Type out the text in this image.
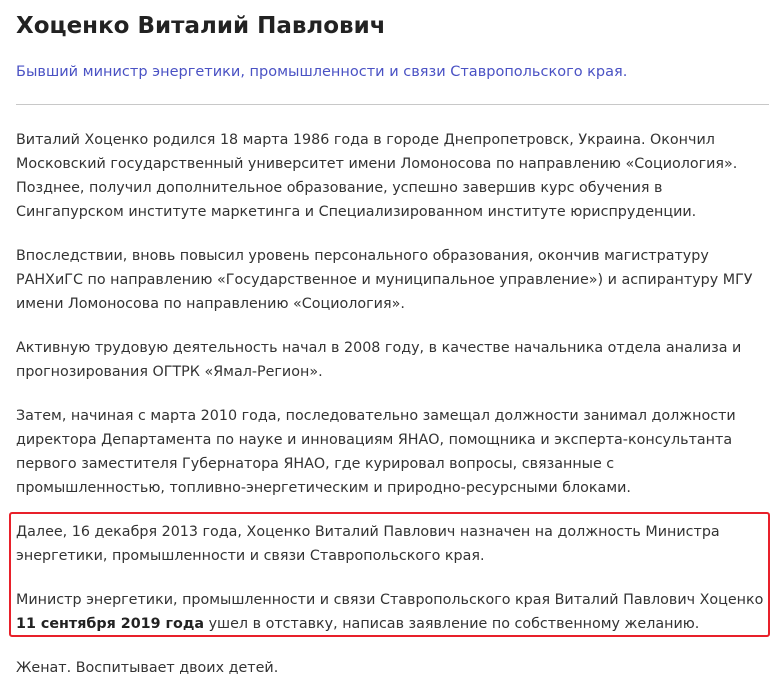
Хоценко Виталий Павлович
Бывший министр энергетики, промышленности и связи Ставропольского края.

Виталий Хоценко родился 18 марта 1986 года в городе Днепропетровск, Украина. Окончил Московский государственный университет имени Ломоносова по направлению «Социология». Позднее, получил дополнительное образование, успешно завершив курс обучения в Сингапурском институте маркетинга и Специализированном институте юриспруденции.

Впоследствии, вновь повысил уровень персонального образования, окончив магистратуру РАНХиГС по направлению «Государственное и муниципальное управление») и аспирантуру МГУ имени Ломоносова по направлению «Социология».

Активную трудовую деятельность начал в 2008 году, в качестве начальника отдела анализа и прогнозирования ОГТРК «Ямал-Регион».

Затем, начиная с марта 2010 года, последовательно замещал должности занимал должности директора Департамента по науке и инновациям ЯНАО, помощника и эксперта-консультанта первого заместителя Губернатора ЯНАО, где курировал вопросы, связанные с промышленностью, топливно-энергетическим и природно-ресурсными блоками.

Далее, 16 декабря 2013 года, Хоценко Виталий Павлович назначен на должность Министра энергетики, промышленности и связи Ставропольского края.

Министр энергетики, промышленности и связи Ставропольского края Виталий Павлович Хоценко 11 сентября 2019 года ушел в отставку, написав заявление по собственному желанию.

Женат. Воспитывает двоих детей.
